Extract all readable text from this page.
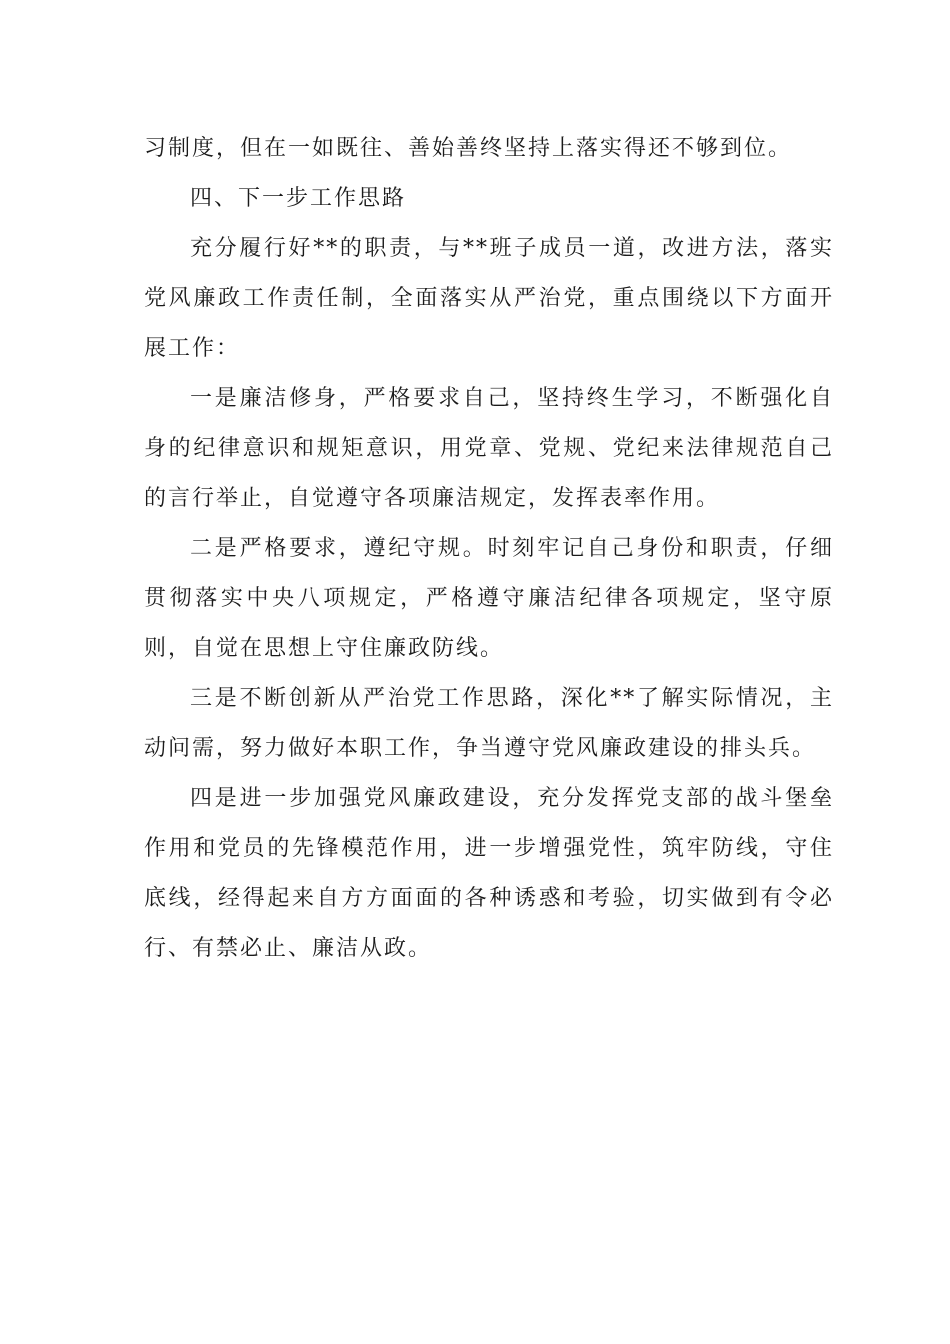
习制度，但在一如既往、善始善终坚持上落实得还不够到位。

四、下一步工作思路

充分履行好**的职责，与**班子成员一道，改进方法，落实党风廉政工作责任制，全面落实从严治党，重点围绕以下方面开展工作：

一是廉洁修身，严格要求自己，坚持终生学习，不断强化自身的纪律意识和规矩意识，用党章、党规、党纪来法律规范自己的言行举止，自觉遵守各项廉洁规定，发挥表率作用。

二是严格要求，遵纪守规。时刻牢记自己身份和职责，仔细贯彻落实中央八项规定，严格遵守廉洁纪律各项规定，坚守原则，自觉在思想上守住廉政防线。

三是不断创新从严治党工作思路，深化**了解实际情况，主动问需，努力做好本职工作，争当遵守党风廉政建设的排头兵。

四是进一步加强党风廉政建设，充分发挥党支部的战斗堡垒作用和党员的先锋模范作用，进一步增强党性，筑牢防线，守住底线，经得起来自方方面面的各种诱惑和考验，切实做到有令必行、有禁必止、廉洁从政。
